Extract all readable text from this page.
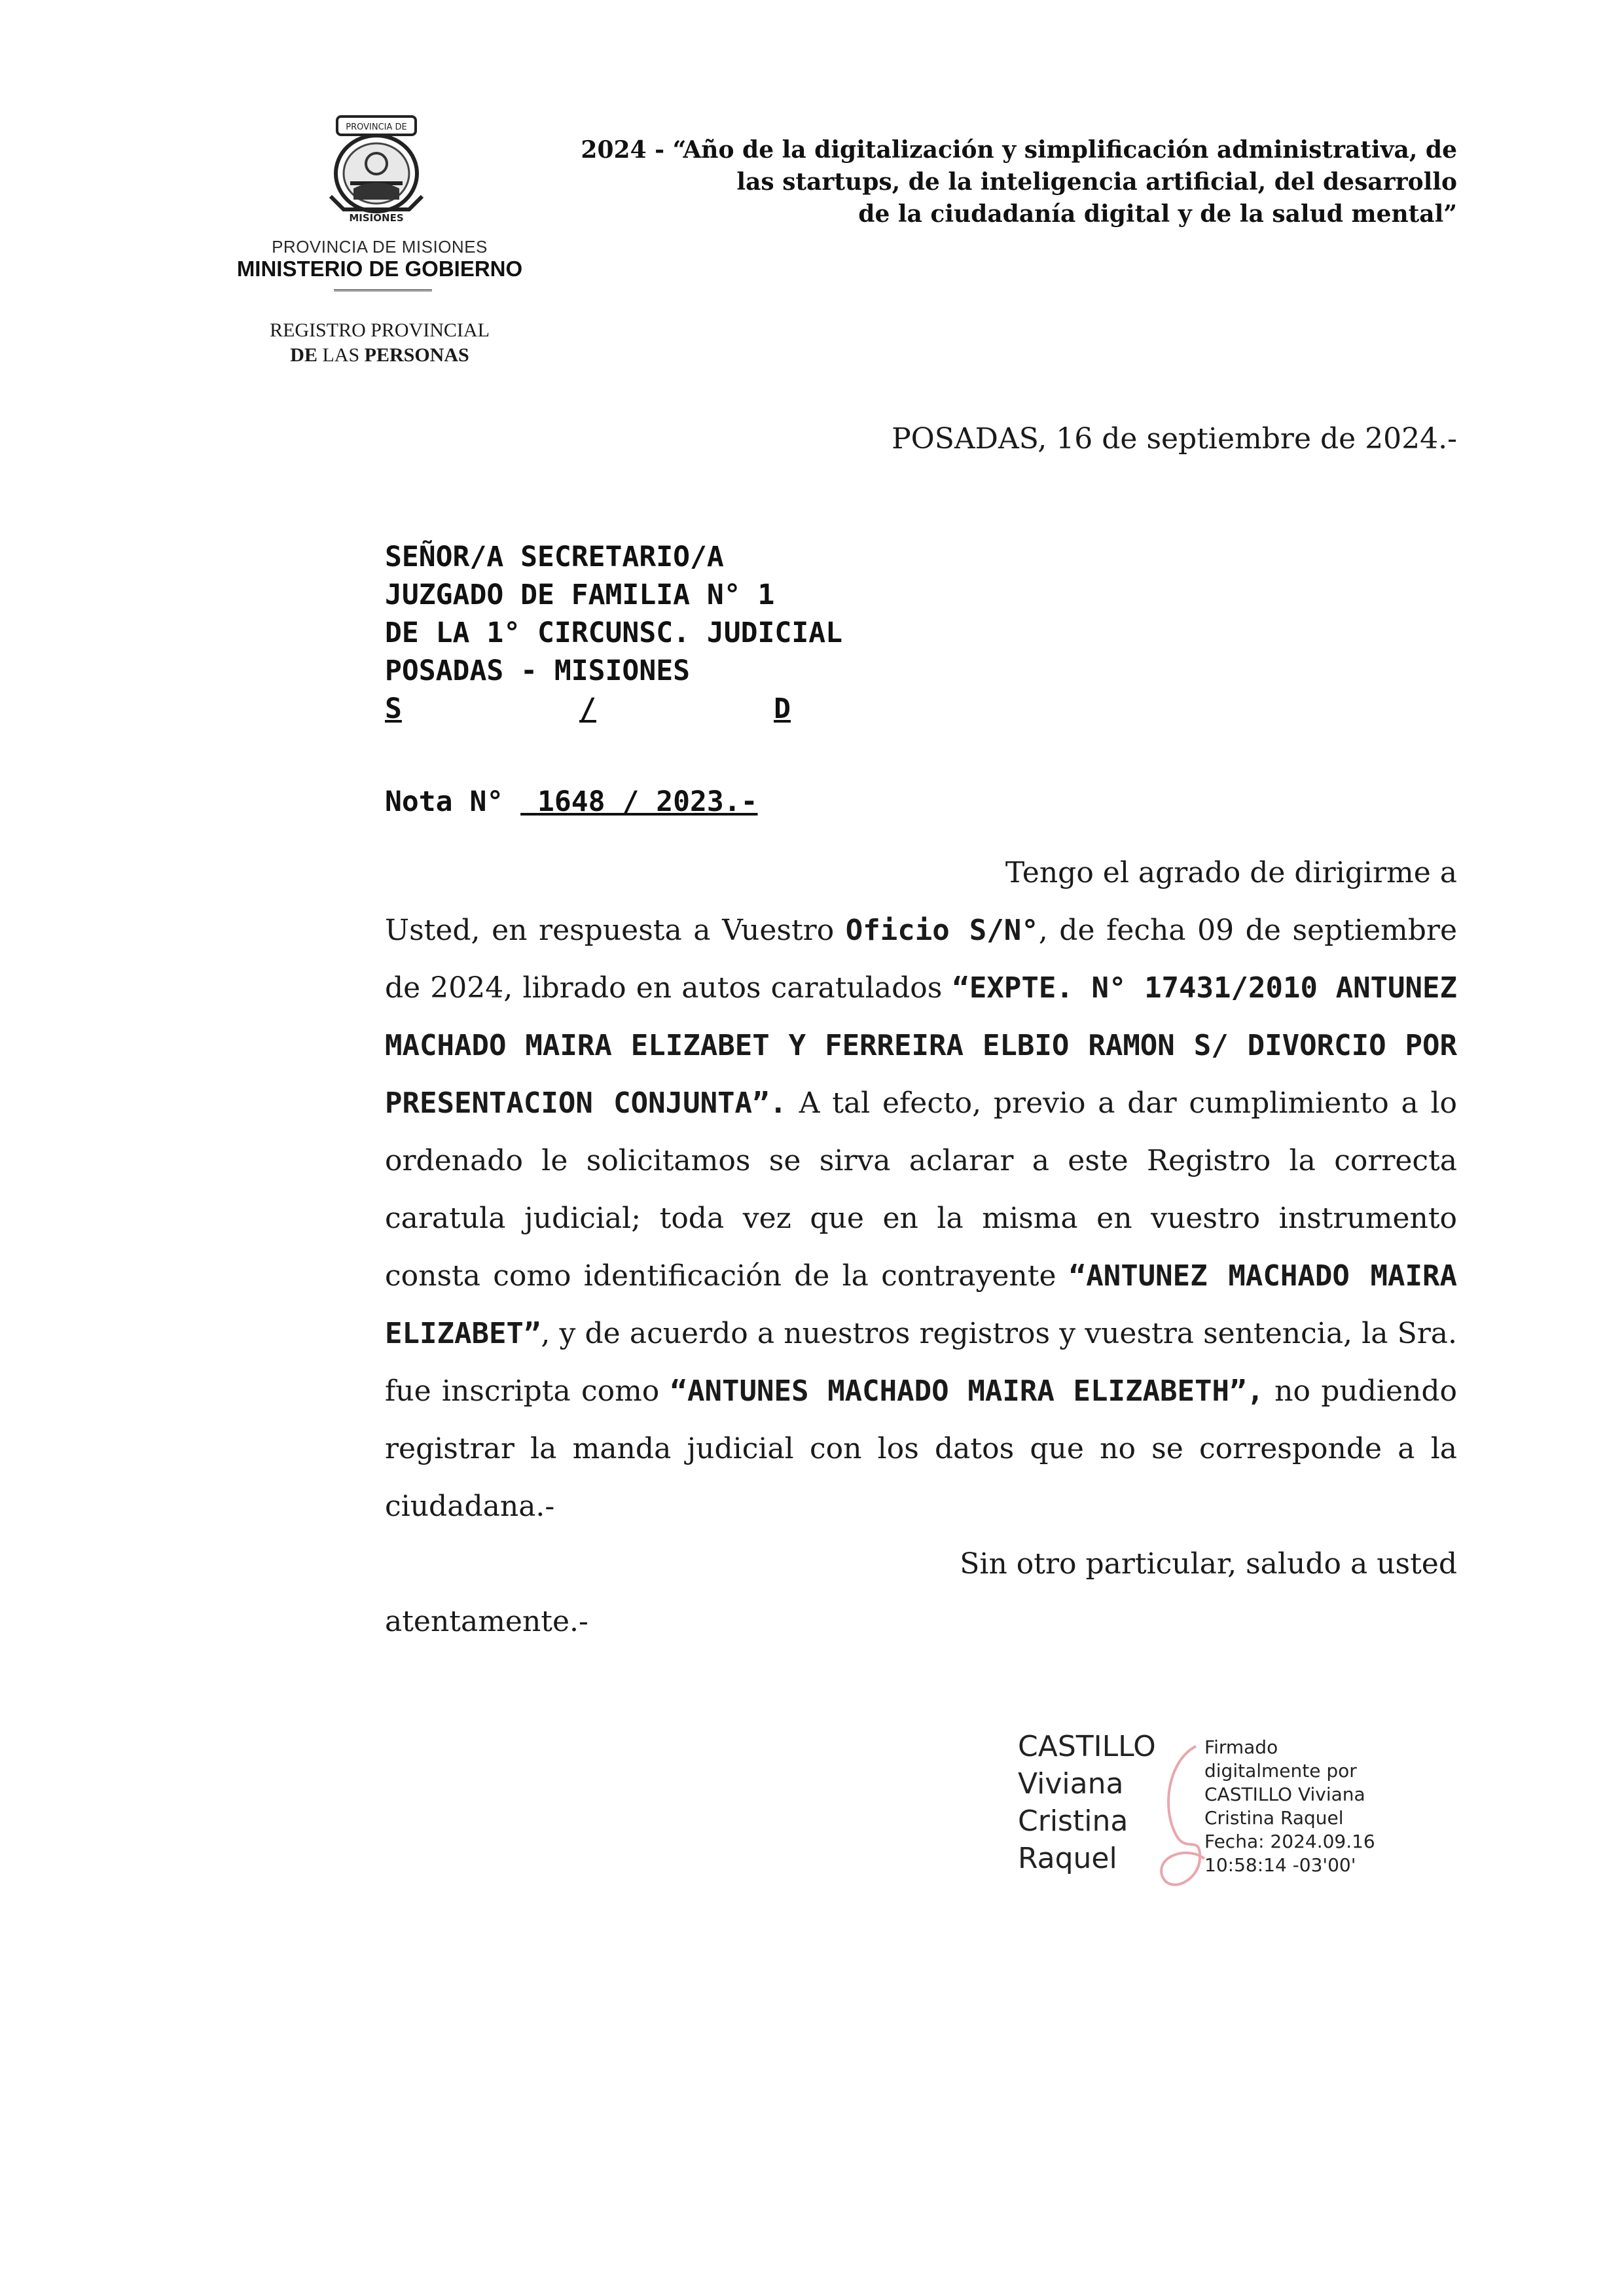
PROVINCIA DE
MISIONES
PROVINCIA DE MISIONES
MINISTERIO DE GOBIERNO
REGISTRO PROVINCIAL
DE LAS PERSONAS
2024 - “Año de la digitalización y simplificación administrativa, de
las startups, de la inteligencia artificial, del desarrollo
de la ciudadanía digital y de la salud mental”
POSADAS, 16 de septiembre de 2024.-
SEÑOR/A SECRETARIO/A
JUZGADO DE FAMILIA N° 1
DE LA 1° CIRCUNSC. JUDICIAL
POSADAS - MISIONES
S	/	D
Nota N°  1648 / 2023.-
Tengo el agrado de dirigirme a
Usted, en respuesta a Vuestro Oficio S/N°, de fecha 09 de septiembre de 2024, librado en autos caratulados “EXPTE. N° 17431/2010 ANTUNEZ MACHADO MAIRA ELIZABET Y FERREIRA ELBIO RAMON S/ DIVORCIO POR PRESENTACION CONJUNTA”. A tal efecto, previo a dar cumplimiento a lo ordenado le solicitamos se sirva aclarar a este Registro la correcta caratula judicial; toda vez que en la misma en vuestro instrumento consta como identificación de la contrayente “ANTUNEZ MACHADO MAIRA ELIZABET”, y de acuerdo a nuestros registros y vuestra sentencia, la Sra. fue inscripta como “ANTUNES MACHADO MAIRA ELIZABETH”, no pudiendo registrar la manda judicial con los datos que no se corresponde a la ciudadana.-
Sin otro particular, saludo a usted
atentamente.-
CASTILLO
Viviana
Cristina
Raquel
Firmado
digitalmente por
CASTILLO Viviana
Cristina Raquel
Fecha: 2024.09.16
10:58:14 -03'00'
